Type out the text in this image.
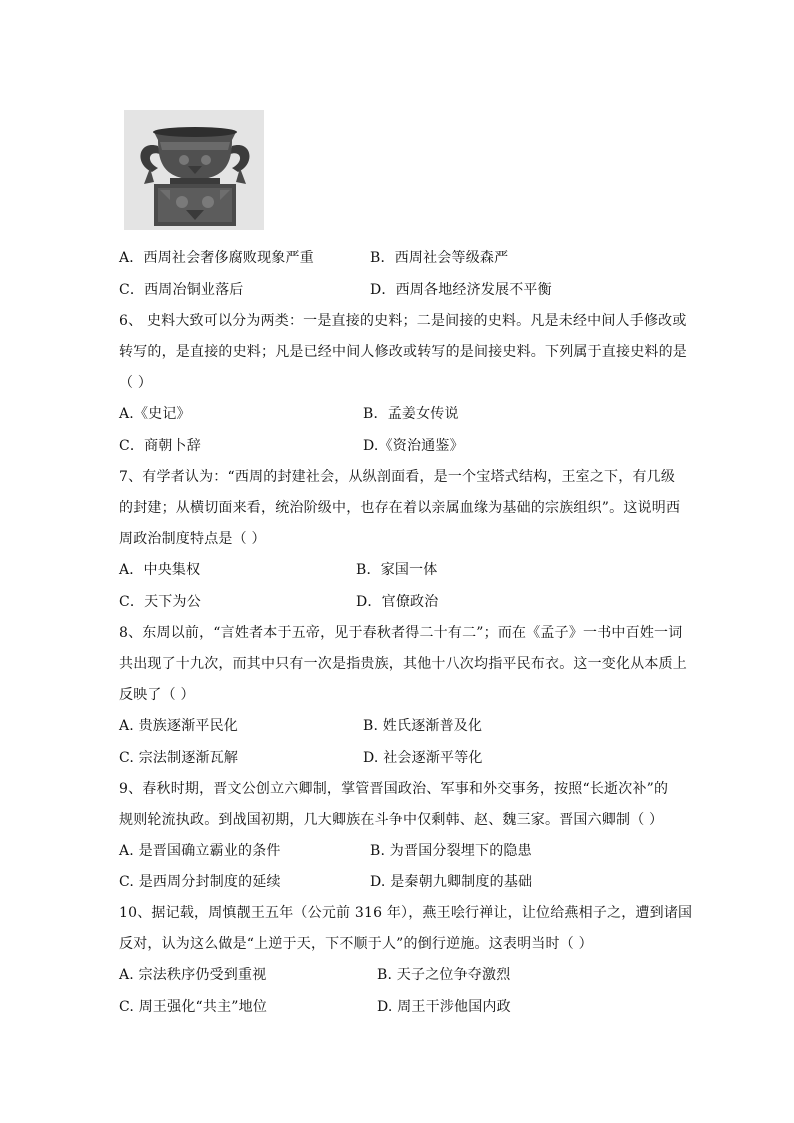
A．西周社会奢侈腐败现象严重	B．西周社会等级森严
C．西周冶铜业落后	D．西周各地经济发展不平衡
6、 史料大致可以分为两类：一是直接的史料；二是间接的史料。凡是未经中间人手修改或
转写的，是直接的史料；凡是已经中间人修改或转写的是间接史料。下列属于直接史料的是
（ ）
A.《史记》	B．孟姜女传说
C．商朝卜辞	D.《资治通鉴》
7、有学者认为：“西周的封建社会，从纵剖面看，是一个宝塔式结构，王室之下，有几级
的封建；从横切面来看，统治阶级中，也存在着以亲属血缘为基础的宗族组织”。这说明西
周政治制度特点是（ ）
A．中央集权	B．家国一体
C．天下为公	D．官僚政治
8、东周以前，“言姓者本于五帝，见于春秋者得二十有二”；而在《孟子》一书中百姓一词
共出现了十九次，而其中只有一次是指贵族，其他十八次均指平民布衣。这一变化从本质上
反映了（ ）
A. 贵族逐渐平民化	B. 姓氏逐渐普及化
C. 宗法制逐渐瓦解	D. 社会逐渐平等化
9、春秋时期，晋文公创立六卿制，掌管晋国政治、军事和外交事务，按照“长逝次补”的
规则轮流执政。到战国初期，几大卿族在斗争中仅剩韩、赵、魏三家。晋国六卿制（ ）
A. 是晋国确立霸业的条件	B. 为晋国分裂埋下的隐患
C. 是西周分封制度的延续	D. 是秦朝九卿制度的基础
10、据记载，周慎靓王五年（公元前 316 年），燕王哙行禅让，让位给燕相子之，遭到诸国
反对，认为这么做是“上逆于天，下不顺于人”的倒行逆施。这表明当时（ ）
A. 宗法秩序仍受到重视	B. 天子之位争夺激烈
C. 周王强化“共主”地位	D. 周王干涉他国内政
